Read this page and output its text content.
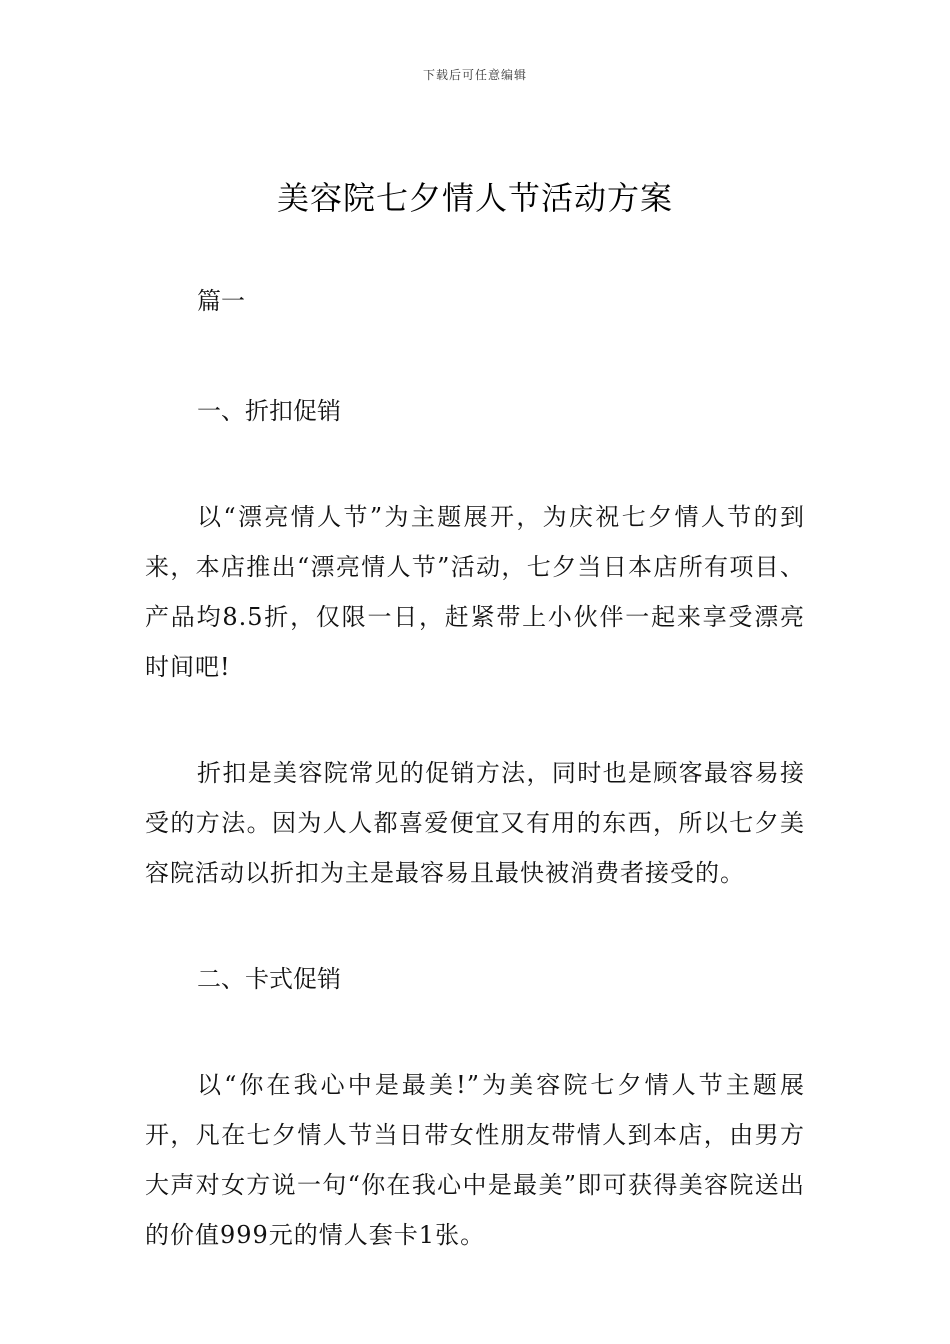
下载后可任意编辑
美容院七夕情人节活动方案

篇一

一、折扣促销

以“漂亮情人节”为主题展开，为庆祝七夕情人节的到来，本店推出“漂亮情人节”活动，七夕当日本店所有项目、产品均8.5折，仅限一日，赶紧带上小伙伴一起来享受漂亮时间吧!

折扣是美容院常见的促销方法，同时也是顾客最容易接受的方法。因为人人都喜爱便宜又有用的东西，所以七夕美容院活动以折扣为主是最容易且最快被消费者接受的。

二、卡式促销

以“你在我心中是最美!”为美容院七夕情人节主题展开，凡在七夕情人节当日带女性朋友带情人到本店，由男方大声对女方说一句“你在我心中是最美”即可获得美容院送出的价值999元的情人套卡1张。
